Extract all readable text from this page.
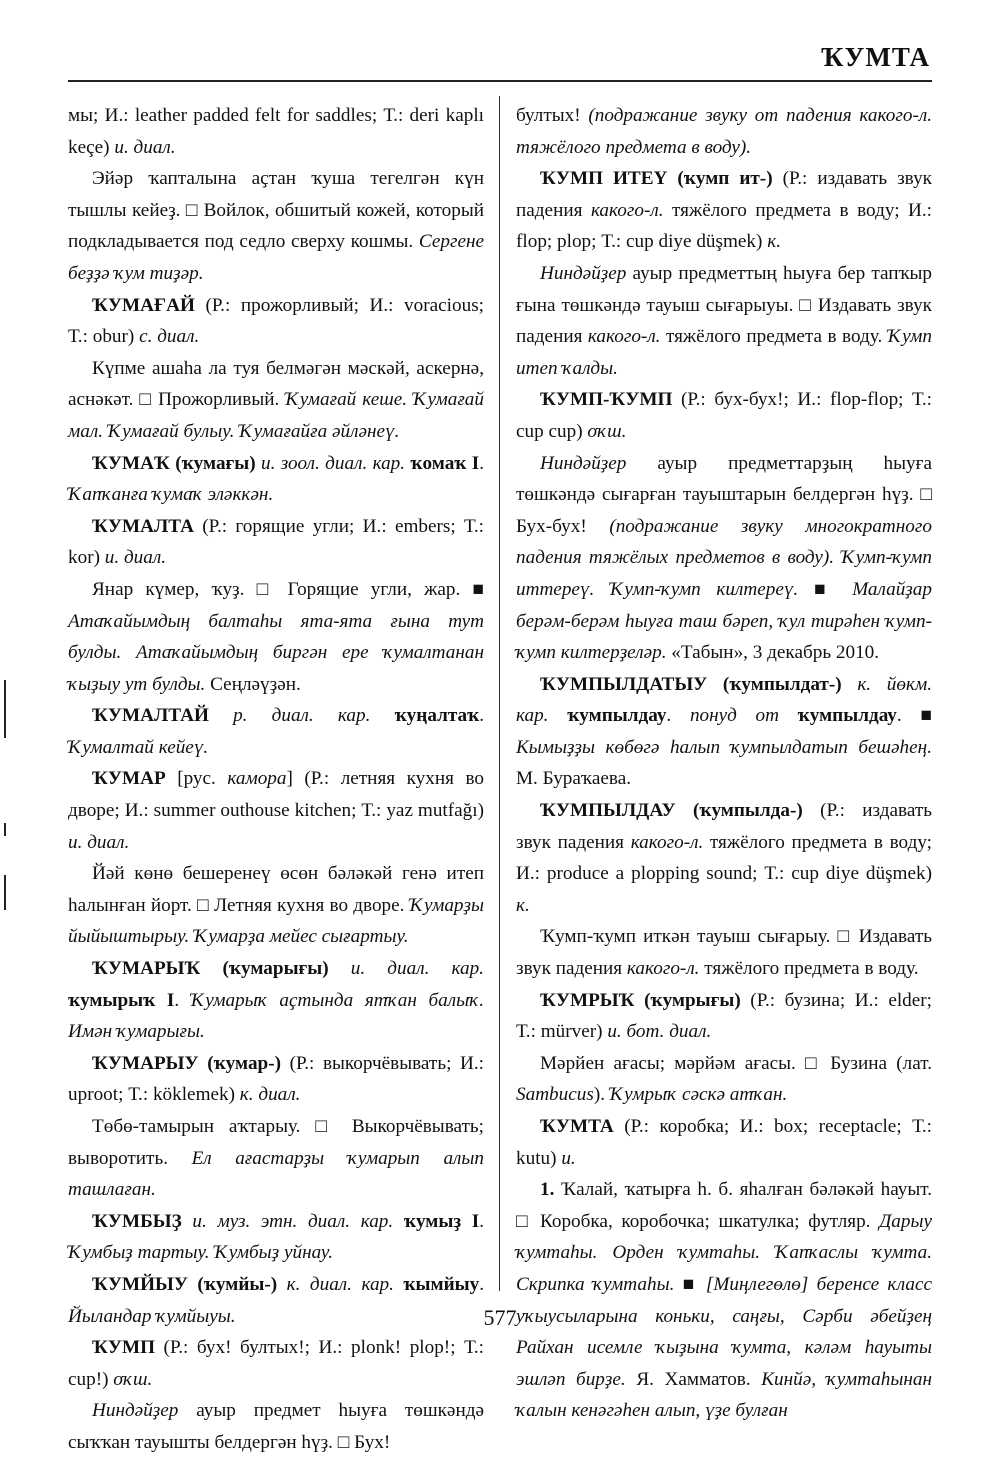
ҠУМТА

мы; И.: leather padded felt for saddles; Т.: deri kaplı keçe) и. диал.

Эйәр ҡапталына аҫтан ҡуша тегелгән күн тышлы кейеҙ. □ Войлок, обшитый кожей, который подкладывается под седло сверху кошмы. Сергене беҙҙә ҡум тиҙәр.

ҠУМАҒАЙ (Р.: прожорливый; И.: voracious; Т.: obur) с. диал.

Күпме ашаһа ла туя белмәгән мәскәй, аскернә, аснәкәт. □ Прожорливый. Ҡумағай кеше. Ҡумағай мал. Ҡумағай булыу. Ҡумағайға әйләнеү.

ҠУМАҠ (ҡумағы) и. зоол. диал. кар. ҡомаҡ I. Ҡапҡанға ҡумаҡ эләккән.

ҠУМАЛТА (Р.: горящие угли; И.: embers; Т.: kor) и. диал.

Янар күмер, ҡуҙ. □ Горящие угли, жар. ■ Атаҡайымдың балтаһы ята-ята ғына тут булды. Атаҡайымдың биргән ере ҡумалтанан ҡыҙыу ут булды. Сеңләүҙән.

ҠУМАЛТАЙ р. диал. кар. ҡуңалтаҡ. Ҡумалтай кейеү.

ҠУМАР [рус. камора] (Р.: летняя кухня во дворе; И.: summer outhouse kitchen; Т.: yaz mutfağı) и. диал.

Йәй көнө бешеренеү өсөн бәләкәй генә итеп һалынған йорт. □ Летняя кухня во дворе. Ҡумарҙы йыйыштырыу. Ҡумарҙа мейес сығартыу.

ҠУМАРЫҠ (ҡумарығы) и. диал. кар. ҡумырыҡ I. Ҡумарыҡ аҫтында ятҡан балыҡ. Имән ҡумарығы.

ҠУМАРЫУ (ҡумар-) (Р.: выкорчёвывать; И.: uproot; Т.: köklemek) к. диал.

Төбө-тамырын аҡтарыу. □ Выкорчёвывать; выворотить. Ел ағастарҙы ҡумарып алып ташлаған.

ҠУМБЫҘ и. муз. этн. диал. кар. ҡумыҙ I. Ҡумбыҙ тартыу. Ҡумбыҙ уйнау.

ҠУМЙЫУ (ҡумйы-) к. диал. кар. ҡымйыу. Йыландар ҡумйыуы.

ҠУМП (Р.: бух! бултых!; И.: plonk! plop!; Т.: cup!) оҡш.

Ниндәйҙер ауыр предмет һыуға төшкәндә сыҡҡан тауышты белдергән һүҙ. □ Бух!

бултых! (подражание звуку от падения какого-л. тяжёлого предмета в воду).

ҠУМП ИТЕҮ (ҡумп ит-) (Р.: издавать звук падения какого-л. тяжёлого предмета в воду; И.: flop; plop; Т.: cup diye düşmek) к.

Ниндәйҙер ауыр предметтың һыуға бер тапҡыр ғына төшкәндә тауыш сығарыуы. □ Издавать звук падения какого-л. тяжёлого предмета в воду. Ҡумп итеп ҡалды.

ҠУМП-ҠУМП (Р.: бух-бух!; И.: flop-flop; Т.: cup cup) оҡш.

Ниндәйҙер ауыр предметтарҙың һыуға төшкәндә сығарған тауыштарын белдергән һүҙ. □ Бух-бух! (подражание звуку многократного падения тяжёлых предметов в воду). Ҡумп-ҡумп иттереү. Ҡумп-ҡумп килтереү. ■ Малайҙар берәм-берәм һыуға таш бәреп, ҡул тирәһен ҡумп-ҡумп килтерҙеләр. «Табын», 3 декабрь 2010.

ҠУМПЫЛДАТЫУ (ҡумпылдат-) к. йөкм. кар. ҡумпылдау. понуд от ҡумпылдау. ■ Кымыҙҙы көбөгә һалып ҡумпылдатып бешәһең. М. Бураҡаева.

ҠУМПЫЛДАУ (ҡумпылда-) (Р.: издавать звук падения какого-л. тяжёлого предмета в воду; И.: produce a plopping sound; Т.: cup diye düşmek) к.

Ҡумп-ҡумп иткән тауыш сығарыу. □ Издавать звук падения какого-л. тяжёлого предмета в воду.

ҠУМРЫҠ (ҡумрығы) (Р.: бузина; И.: elder; Т.: mürver) и. бот. диал.

Мәрйен ағасы; мәрйәм ағасы. □ Бузина (лат. Sambucus). Ҡумрыҡ сәскә атҡан.

ҠУМТА (Р.: коробка; И.: box; receptacle; Т.: kutu) и.

1. Ҡалай, ҡатырға һ. б. яһалған бәләкәй һауыт. □ Коробка, коробочка; шкатулка; футляр. Дарыу ҡумтаһы. Орден ҡумтаһы. Ҡапҡаслы ҡумта. Скрипка ҡумтаһы. ■ [Миңлегөлө] беренсе класс уҡыусыларына коньки, саңғы, Сәрби әбейҙең Райхан исемле ҡыҙына ҡумта, кәләм һауыты эшләп бирҙе. Я. Хамматов. Кинйә, ҡумтаһынан ҡалын кенәгәһен алып, үҙе булған

577
